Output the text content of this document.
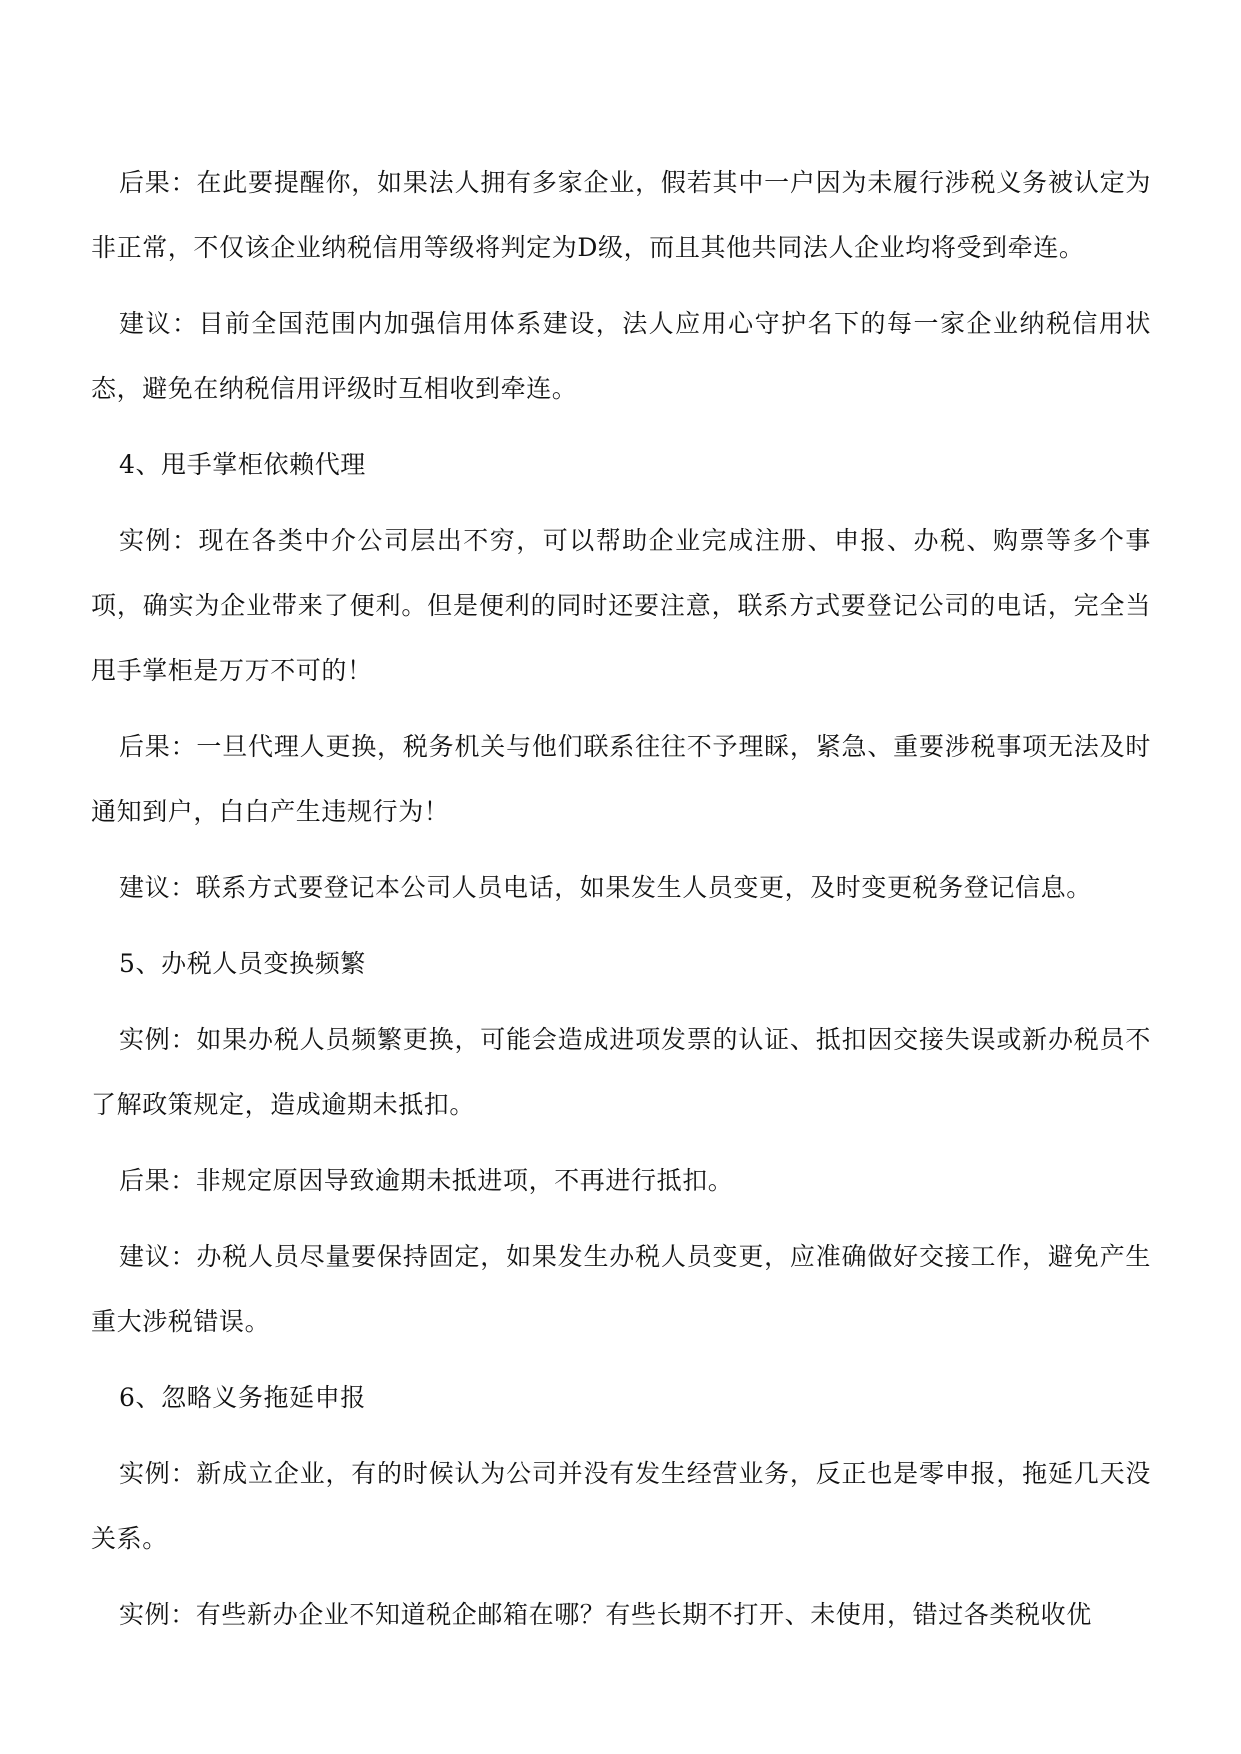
后果：在此要提醒你，如果法人拥有多家企业，假若其中一户因为未履行涉税义务被认定为非正常，不仅该企业纳税信用等级将判定为D级，而且其他共同法人企业均将受到牵连。

建议：目前全国范围内加强信用体系建设，法人应用心守护名下的每一家企业纳税信用状态，避免在纳税信用评级时互相收到牵连。

4、甩手掌柜依赖代理

实例：现在各类中介公司层出不穷，可以帮助企业完成注册、申报、办税、购票等多个事项，确实为企业带来了便利。但是便利的同时还要注意，联系方式要登记公司的电话，完全当甩手掌柜是万万不可的！

后果：一旦代理人更换，税务机关与他们联系往往不予理睬，紧急、重要涉税事项无法及时通知到户，白白产生违规行为！

建议：联系方式要登记本公司人员电话，如果发生人员变更，及时变更税务登记信息。

5、办税人员变换频繁

实例：如果办税人员频繁更换，可能会造成进项发票的认证、抵扣因交接失误或新办税员不了解政策规定，造成逾期未抵扣。

后果：非规定原因导致逾期未抵进项，不再进行抵扣。

建议：办税人员尽量要保持固定，如果发生办税人员变更，应准确做好交接工作，避免产生重大涉税错误。

6、忽略义务拖延申报

实例：新成立企业，有的时候认为公司并没有发生经营业务，反正也是零申报，拖延几天没关系。

实例：有些新办企业不知道税企邮箱在哪？有些长期不打开、未使用，错过各类税收优
